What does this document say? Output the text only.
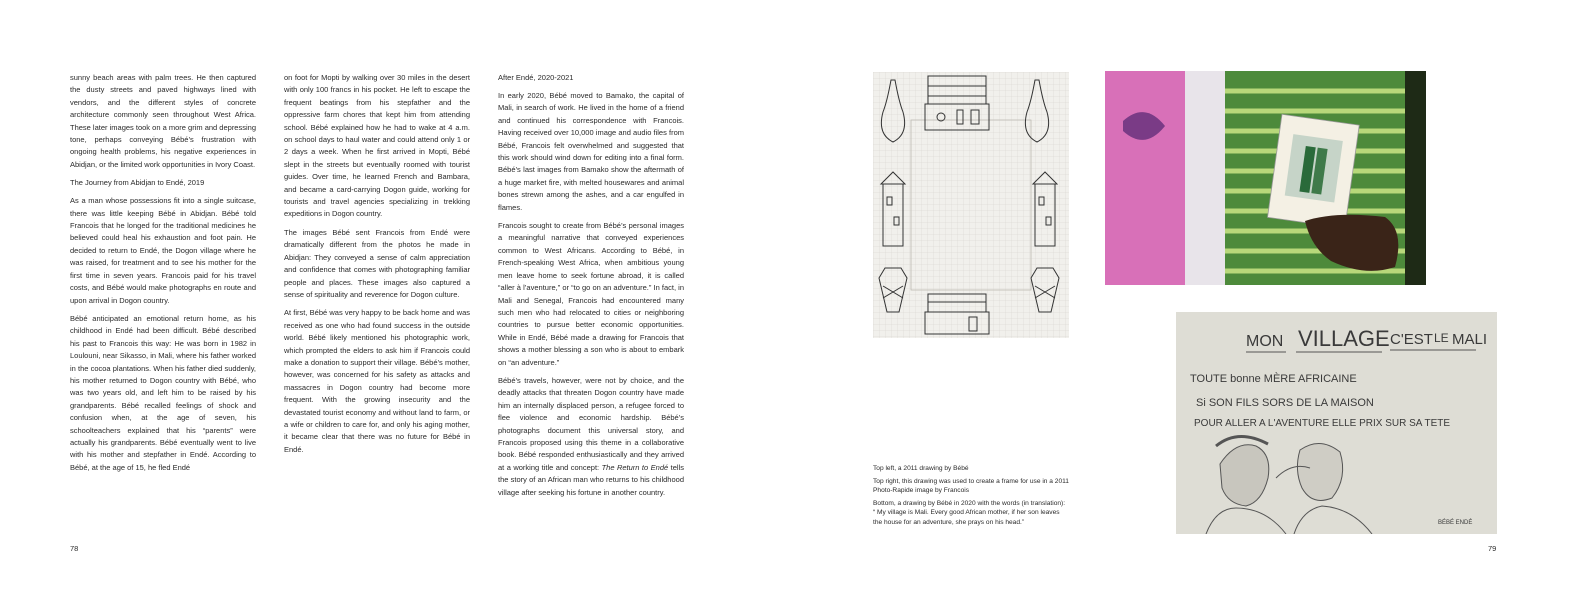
sunny beach areas with palm trees. He then captured the dusty streets and paved highways lined with vendors, and the different styles of concrete architecture commonly seen throughout West Africa. These later images took on a more grim and depressing tone, perhaps conveying Bébé’s frustration with ongoing health problems, his negative experiences in Abidjan, or the limited work opportunities in Ivory Coast.

The Journey from Abidjan to Endé, 2019

As a man whose possessions fit into a single suitcase, there was little keeping Bébé in Abidjan. Bébé told Francois that he longed for the traditional medicines he believed could heal his exhaustion and foot pain. He decided to return to Endé, the Dogon village where he was raised, for treatment and to see his mother for the first time in seven years. Francois paid for his travel costs, and Bébé would make photographs en route and upon arrival in Dogon country.

Bébé anticipated an emotional return home, as his childhood in Endé had been difficult. Bébé described his past to Francois this way: He was born in 1982 in Loulouni, near Sikasso, in Mali, where his father worked in the cocoa plantations. When his father died suddenly, his mother returned to Dogon country with Bébé, who was two years old, and left him to be raised by his grandparents. Bébé recalled feelings of shock and confusion when, at the age of seven, his schoolteachers explained that his “parents” were actually his grandparents. Bébé eventually went to live with his mother and stepfather in Endé. According to Bébé, at the age of 15, he fled Endé

on foot for Mopti by walking over 30 miles in the desert with only 100 francs in his pocket. He left to escape the frequent beatings from his stepfather and the oppressive farm chores that kept him from attending school. Bébé explained how he had to wake at 4 a.m. on school days to haul water and could attend only 1 or 2 days a week. When he first arrived in Mopti, Bébé slept in the streets but eventually roomed with tourist guides. Over time, he learned French and Bambara, and became a card-carrying Dogon guide, working for tourists and travel agencies specializing in trekking expeditions in Dogon country.

The images Bébé sent Francois from Endé were dramatically different from the photos he made in Abidjan: They conveyed a sense of calm appreciation and confidence that comes with photographing familiar people and places. These images also captured a sense of spirituality and reverence for Dogon culture.

At first, Bébé was very happy to be back home and was received as one who had found success in the outside world. Bébé likely mentioned his photographic work, which prompted the elders to ask him if Francois could make a donation to support their village. Bébé’s mother, however, was concerned for his safety as attacks and massacres in Dogon country had become more frequent. With the growing insecurity and the devastated tourist economy and without land to farm, or a wife or children to care for, and only his aging mother, it became clear that there was no future for Bébé in Endé.

After Endé, 2020-2021

In early 2020, Bébé moved to Bamako, the capital of Mali, in search of work. He lived in the home of a friend and continued his correspondence with Francois. Having received over 10,000 image and audio files from Bébé, Francois felt overwhelmed and suggested that this work should wind down for editing into a final form. Bébé’s last images from Bamako show the aftermath of a huge market fire, with melted housewares and animal bones strewn among the ashes, and a car engulfed in flames.

Francois sought to create from Bébé’s personal images a meaningful narrative that conveyed experiences common to West Africans. According to Bébé, in French-speaking West Africa, when ambitious young men leave home to seek fortune abroad, it is called “aller à l’aventure,” or “to go on an adventure.” In fact, in Mali and Senegal, Francois had encountered many such men who had relocated to cities or neighboring countries to pursue better economic opportunities. While in Endé, Bébé made a drawing for Francois that shows a mother blessing a son who is about to embark on “an adventure.”

Bébé’s travels, however, were not by choice, and the deadly attacks that threaten Dogon country have made him an internally displaced person, a refugee forced to flee violence and economic hardship. Bébé’s photographs document this universal story, and Francois proposed using this theme in a collaborative book. Bébé responded enthusiastically and they arrived at a working title and concept: The Return to Endé tells the story of an African man who returns to his childhood village after seeking his fortune in another country.

78
MON VILLAGE C'EST LE MALI
TOUTE bonne MÈRE AFRICAINE
Si SON FILS SORS DE LA MAISON
POUR ALLER A L'AVENTURE ELLE PRIX SUR SA TETE
BÉBÉ ENDÉ

Top left, a 2011 drawing by Bébé

Top right, this drawing was used to create a frame for use in a 2011 Photo-Rapide image by Francois

Bottom, a drawing by Bébé in 2020 with the words (in translation): “ My village is Mali. Every good African mother, if her son leaves the house for an adventure, she prays on his head.”

79
